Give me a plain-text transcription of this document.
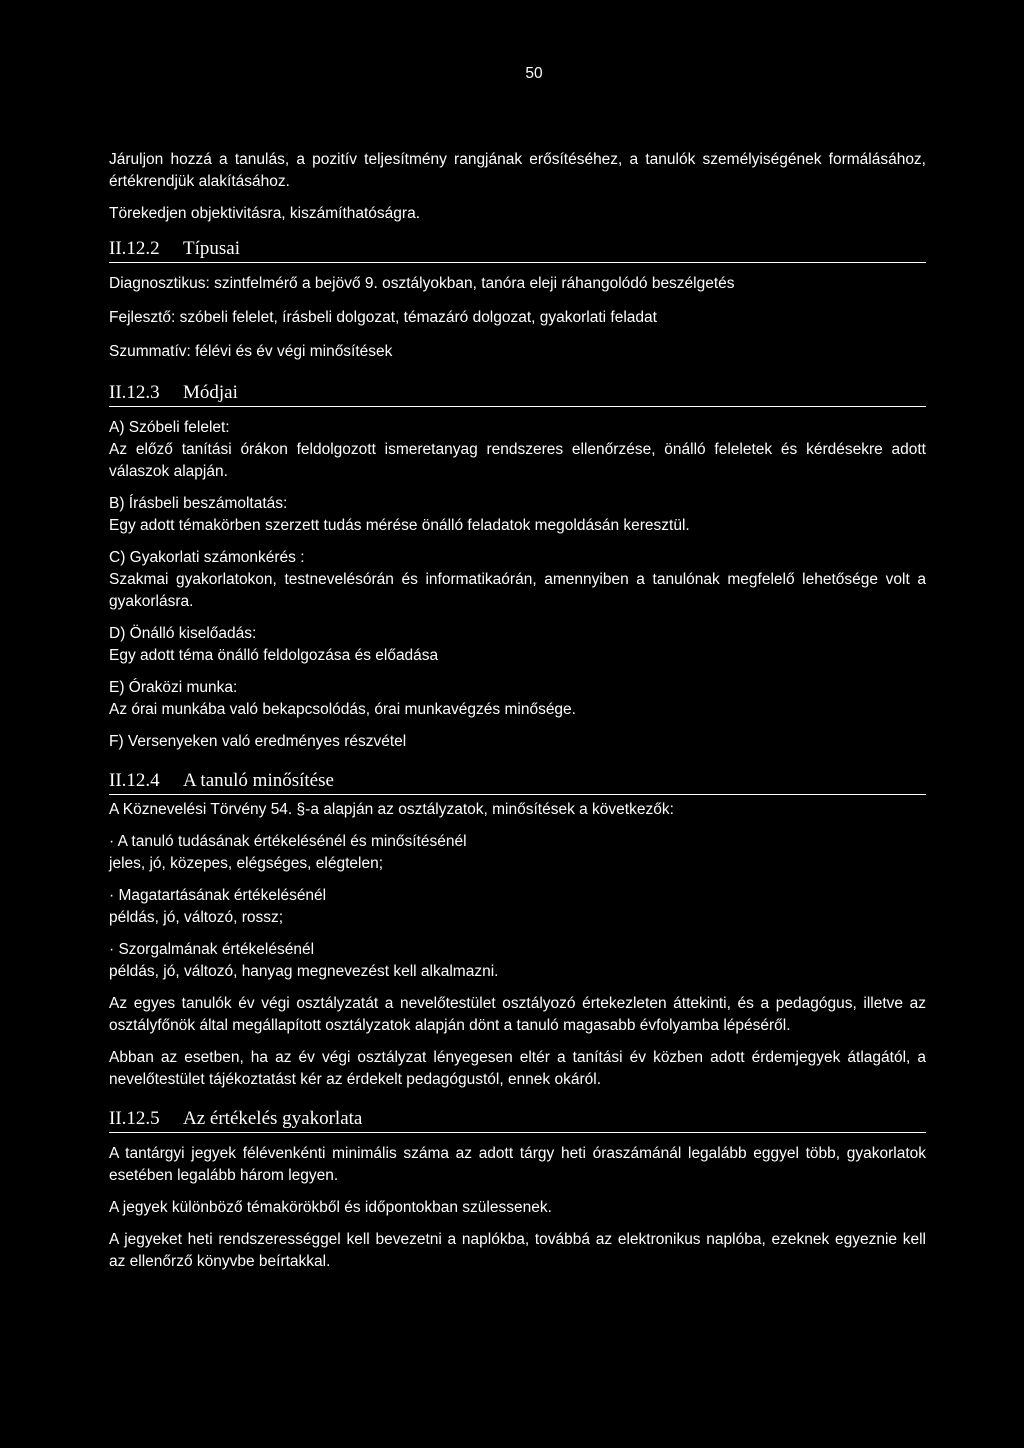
50

Járuljon hozzá a tanulás, a pozitív teljesítmény rangjának erősítéséhez, a tanulók személyiségének formálásához, értékrendjük alakításához.

Törekedjen objektivitásra, kiszámíthatóságra.

II.12.2 Típusai

Diagnosztikus: szintfelmérő a bejövő 9. osztályokban, tanóra eleji ráhangolódó beszélgetés

Fejlesztő: szóbeli felelet, írásbeli dolgozat, témazáró dolgozat, gyakorlati feladat

Szummatív: félévi és év végi minősítések

II.12.3 Módjai

A) Szóbeli felelet:

Az előző tanítási órákon feldolgozott ismeretanyag rendszeres ellenőrzése, önálló feleletek és kérdésekre adott válaszok alapján.

B) Írásbeli beszámoltatás:

Egy adott témakörben szerzett tudás mérése önálló feladatok megoldásán keresztül.

C) Gyakorlati számonkérés :

Szakmai gyakorlatokon, testnevelésórán és informatikaórán, amennyiben a tanulónak megfelelő lehetősége volt a gyakorlásra.

D) Önálló kiselőadás:

Egy adott téma önálló feldolgozása és előadása

E) Óraközi munka:

Az órai munkába való bekapcsolódás, órai munkavégzés minősége.

F) Versenyeken való eredményes részvétel

II.12.4 A tanuló minősítése

A Köznevelési Törvény 54. §-a alapján az osztályzatok, minősítések a következők:

· A tanuló tudásának értékelésénél és minősítésénél

jeles, jó, közepes, elégséges, elégtelen;

· Magatartásának értékelésénél

példás, jó, változó, rossz;

· Szorgalmának értékelésénél

példás, jó, változó, hanyag megnevezést kell alkalmazni.

Az egyes tanulók év végi osztályzatát a nevelőtestület osztályozó értekezleten áttekinti, és a pedagógus, illetve az osztályfőnök által megállapított osztályzatok alapján dönt a tanuló magasabb évfolyamba lépéséről.

Abban az esetben, ha az év végi osztályzat lényegesen eltér a tanítási év közben adott érdemjegyek átlagától, a nevelőtestület tájékoztatást kér az érdekelt pedagógustól, ennek okáról.

II.12.5 Az értékelés gyakorlata

A tantárgyi jegyek félévenkénti minimális száma az adott tárgy heti óraszámánál legalább eggyel több, gyakorlatok esetében legalább három legyen.

A jegyek különböző témakörökből és időpontokban szülessenek.

A jegyeket heti rendszerességgel kell bevezetni a naplókba, továbbá az elektronikus naplóba, ezeknek egyeznie kell az ellenőrző könyvbe beírtakkal.
